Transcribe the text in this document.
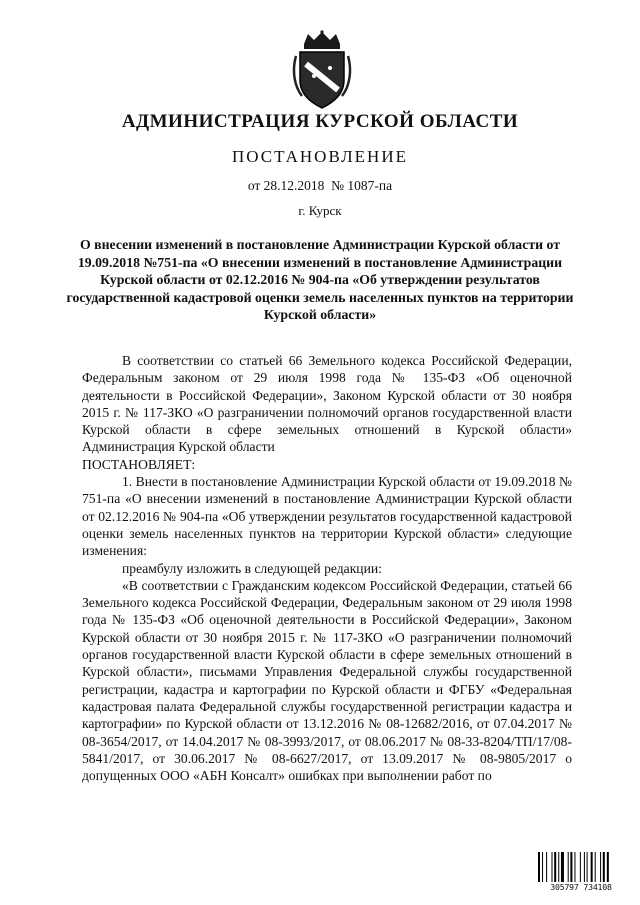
АДМИНИСТРАЦИЯ КУРСКОЙ ОБЛАСТИ
ПОСТАНОВЛЕНИЕ
от 28.12.2018  № 1087-па
г. Курск
О внесении изменений в постановление Администрации Курской области от 19.09.2018 №751-па «О внесении изменений в постановление Администрации Курской области от 02.12.2016 № 904-па «Об утверждении результатов государственной кадастровой оценки земель населенных пунктов на территории Курской области»

В соответствии со статьей 66 Земельного кодекса Российской Федерации, Федеральным законом от 29 июля 1998 года № 135-ФЗ «Об оценочной деятельности в Российской Федерации», Законом Курской области от 30 ноября 2015 г. № 117-ЗКО «О разграничении полномочий органов государственной власти Курской области в сфере земельных отношений в Курской области» Администрация Курской области

ПОСТАНОВЛЯЕТ:

1. Внести в постановление Администрации Курской области от 19.09.2018 № 751-па «О внесении изменений в постановление Администрации Курской области от 02.12.2016 № 904-па «Об утверждении результатов государственной кадастровой оценки земель населенных пунктов на территории Курской области» следующие изменения:

преамбулу изложить в следующей редакции:

«В соответствии с Гражданским кодексом Российской Федерации, статьей 66 Земельного кодекса Российской Федерации, Федеральным законом от 29 июля 1998 года № 135-ФЗ «Об оценочной деятельности в Российской Федерации», Законом Курской области от 30 ноября 2015 г. № 117-ЗКО «О разграничении полномочий органов государственной власти Курской области в сфере земельных отношений в Курской области», письмами Управления Федеральной службы государственной регистрации, кадастра и картографии по Курской области и ФГБУ «Федеральная кадастровая палата Федеральной службы государственной регистрации кадастра и картографии» по Курской области от 13.12.2016 № 08-12682/2016, от 07.04.2017 № 08-3654/2017, от 14.04.2017 № 08-3993/2017, от 08.06.2017 № 08-33-8204/ТП/17/08-5841/2017, от 30.06.2017 № 08-6627/2017, от 13.09.2017 № 08-9805/2017 о допущенных ООО «АБН Консалт» ошибках при выполнении работ по

305797 734108
